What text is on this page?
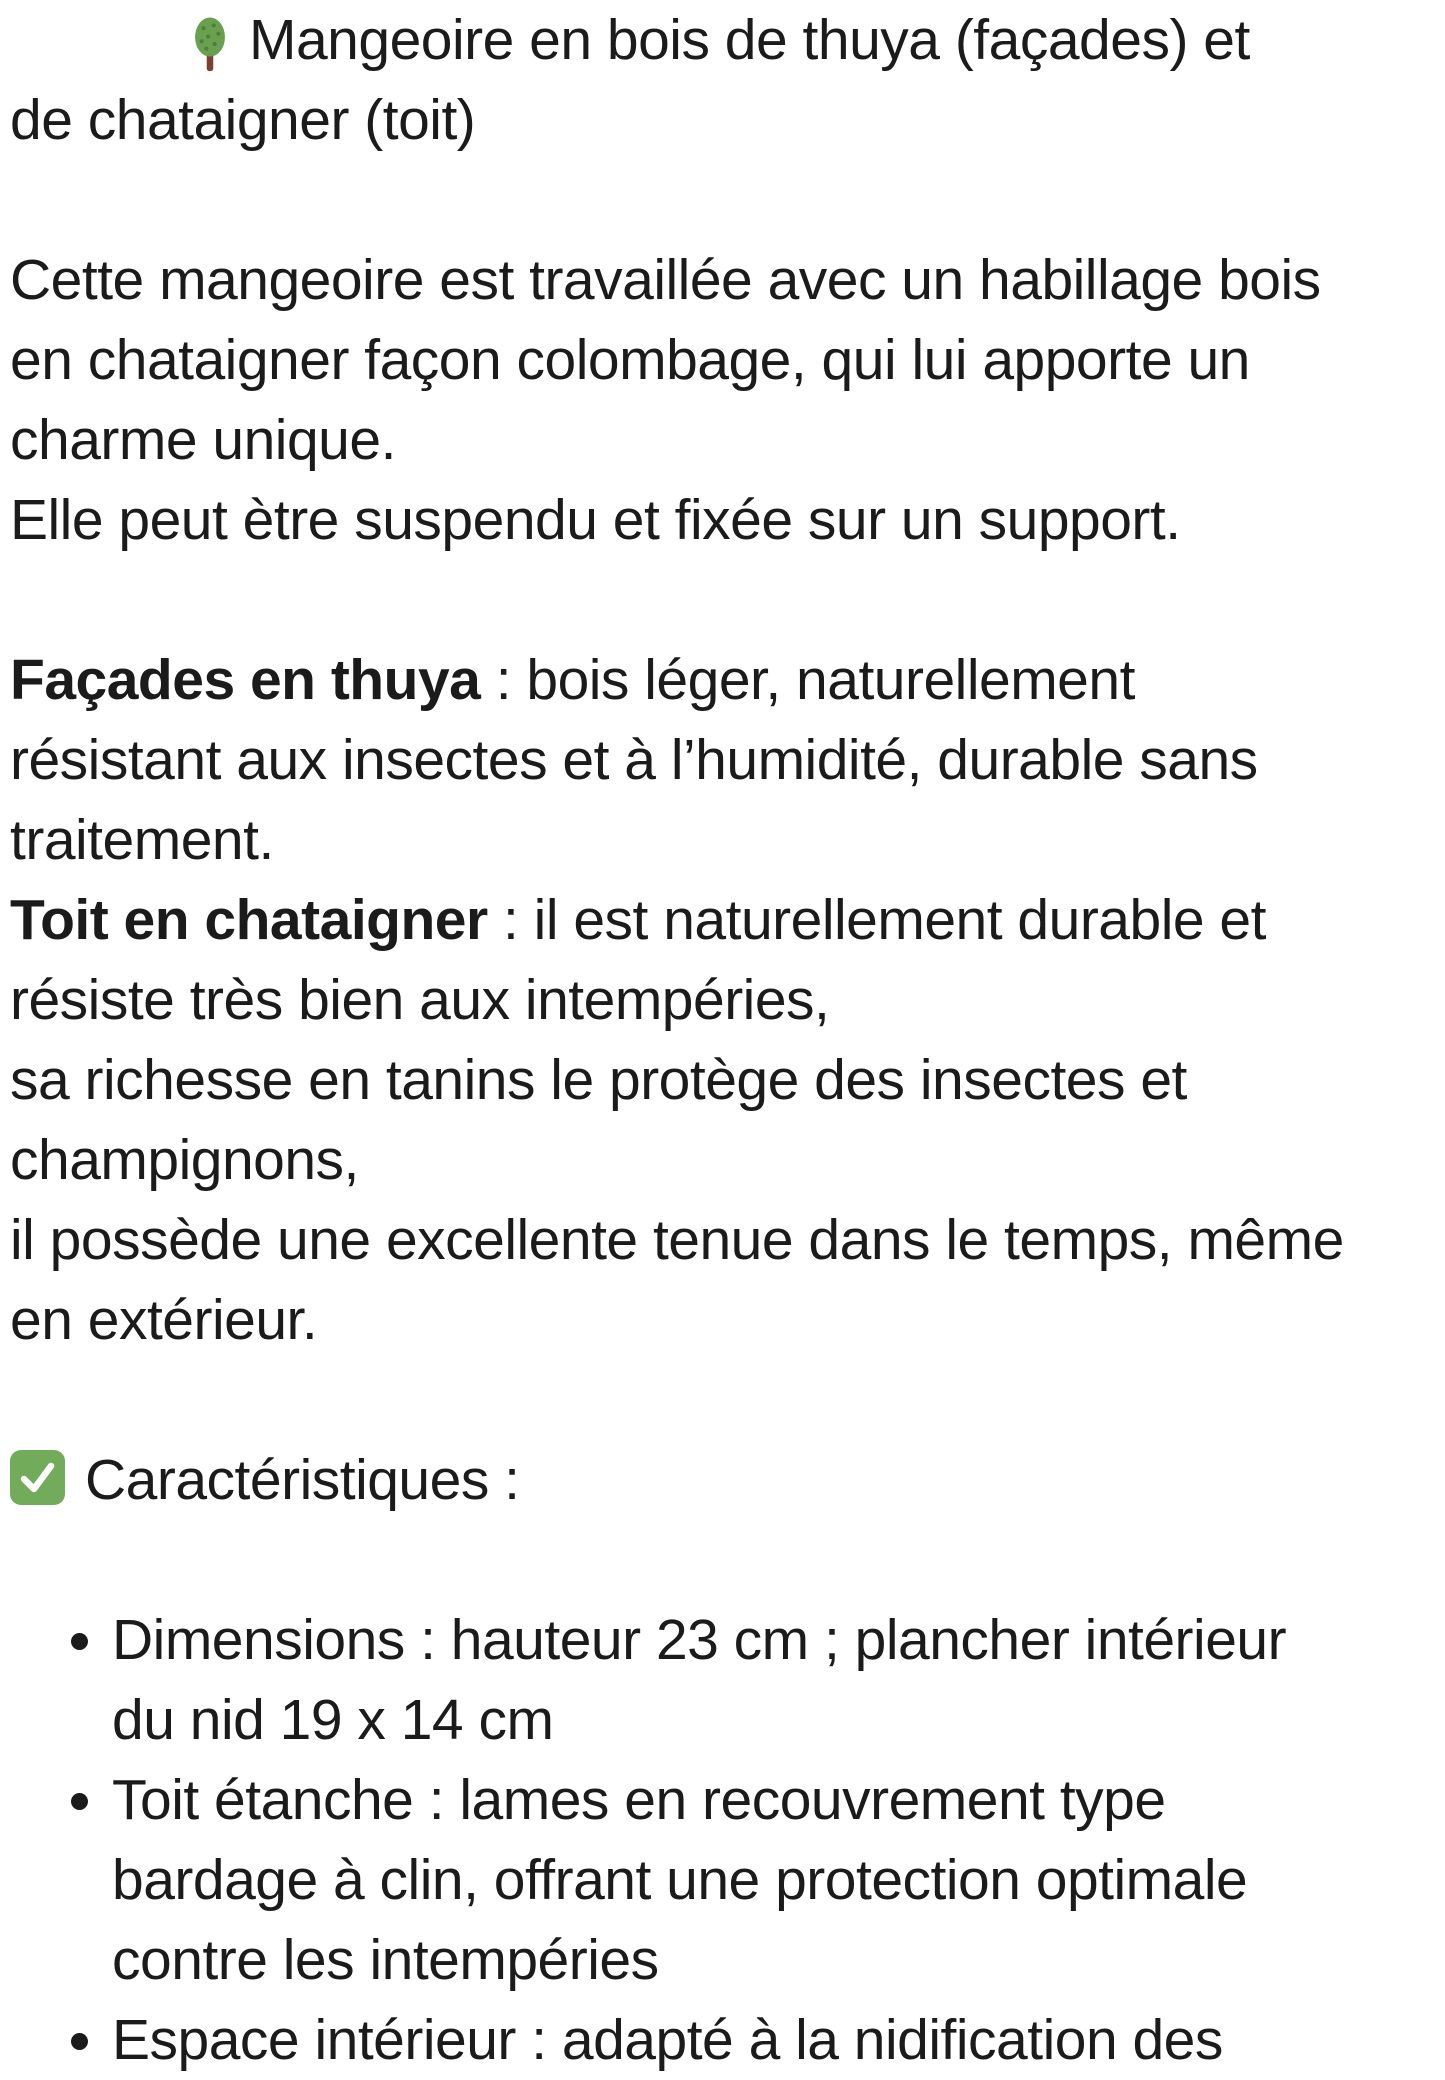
Mangeoire en bois de thuya (façades) et
de chataigner (toit)
Cette mangeoire est travaillée avec un habillage bois
en chataigner façon colombage, qui lui apporte un
charme unique.
Elle peut ètre suspendu et fixée sur un support.
Façades en thuya : bois léger, naturellement
résistant aux insectes et à l’humidité, durable sans
traitement.
Toit en chataigner : il est naturellement durable et
résiste très bien aux intempéries,
sa richesse en tanins le protège des insectes et
champignons,
il possède une excellente tenue dans le temps, même
en extérieur.
Caractéristiques :
• Dimensions : hauteur 23 cm ; plancher intérieur
du nid 19 x 14 cm
• Toit étanche : lames en recouvrement type
bardage à clin, offrant une protection optimale
contre les intempéries
• Espace intérieur : adapté à la nidification des
